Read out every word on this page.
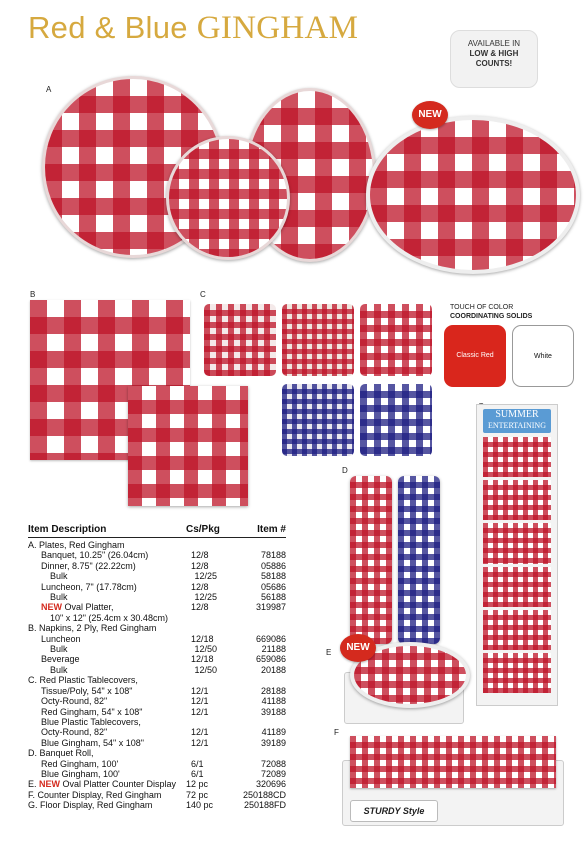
Red & Blue GINGHAM	AVAILABLE IN
LOW & HIGH
COUNTS!
A
NEW
B	C
TOUCH OF COLOR
COORDINATING SOLIDS
Classic Red	White
D
E	NEW
SUMMER
ENTERTAINING
F
STURDY Style
Item Description	Cs/Pkg	Item #
A. Plates, Red Gingham
Banquet, 10.25" (26.04cm)	12/8	78188
Dinner, 8.75" (22.22cm)	12/8	05886
Bulk	12/25	58188
Luncheon, 7" (17.78cm)	12/8	05686
Bulk	12/25	56188
NEW Oval Platter,	12/8	319987
10" x 12" (25.4cm x 30.48cm)
B. Napkins, 2 Ply, Red Gingham
Luncheon	12/18	669086
Bulk	12/50	21188
Beverage	12/18	659086
Bulk	12/50	20188
C. Red Plastic Tablecovers,
Tissue/Poly, 54" x 108"	12/1	28188
Octy-Round, 82"	12/1	41188
Red Gingham, 54" x 108"	12/1	39188
Blue Plastic Tablecovers,
Octy-Round, 82"	12/1	41189
Blue Gingham, 54" x 108"	12/1	39189
D. Banquet Roll,
Red Gingham, 100'	6/1	72088
Blue Gingham, 100'	6/1	72089
E. NEW Oval Platter Counter Display	12 pc	320696
F. Counter Display, Red Gingham	72 pc	250188CD
G. Floor Display, Red Gingham	140 pc	250188FD
